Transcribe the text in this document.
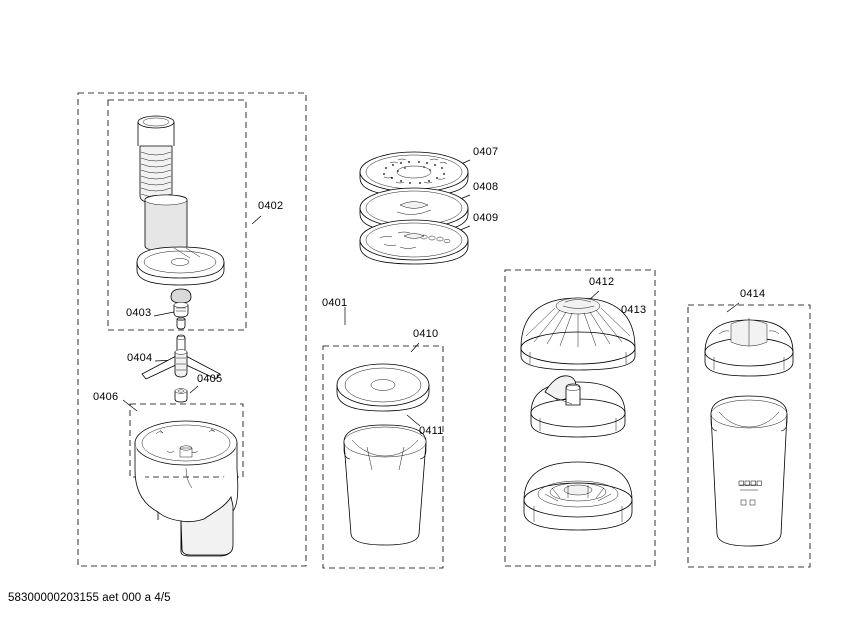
0402
0401
0403
0404
0405
0406
0407
0408
0409
0410
0411
0412
0413
0414
58300000203155 aet 000 a 4/5
